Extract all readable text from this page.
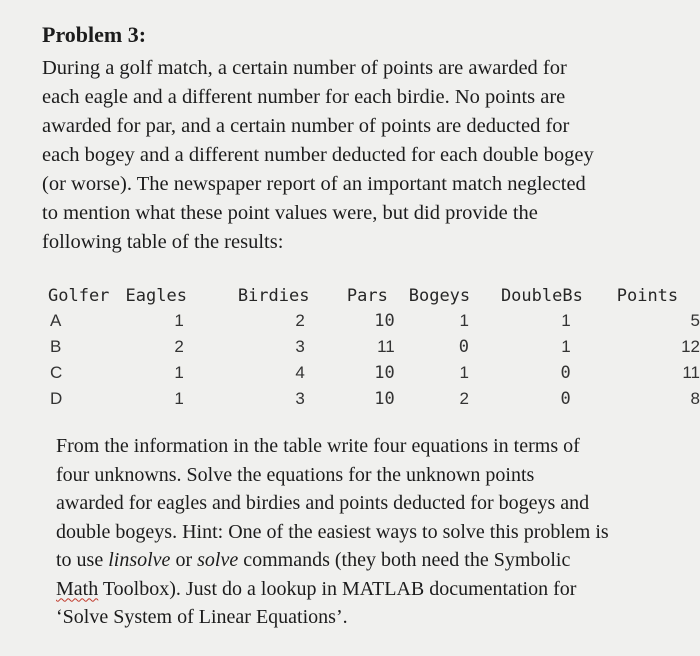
Problem 3:
During a golf match, a certain number of points are awarded for
each eagle and a different number for each birdie. No points are
awarded for par, and a certain number of points are deducted for
each bogey and a different number deducted for each double bogey
(or worse). The newspaper report of an important match neglected
to mention what these point values were, but did provide the
following table of the results:
Golfer	Eagles	Birdies	Pars	Bogeys	DoubleBs	Points
A	1	2	10	1	1	5
B	2	3	11	0	1	12
C	1	4	10	1	0	11
D	1	3	10	2	0	8
From the information in the table write four equations in terms of
four unknowns. Solve the equations for the unknown points
awarded for eagles and birdies and points deducted for bogeys and
double bogeys. Hint: One of the easiest ways to solve this problem is
to use linsolve or solve commands (they both need the Symbolic
Math Toolbox). Just do a lookup in MATLAB documentation for
‘Solve System of Linear Equations’.
